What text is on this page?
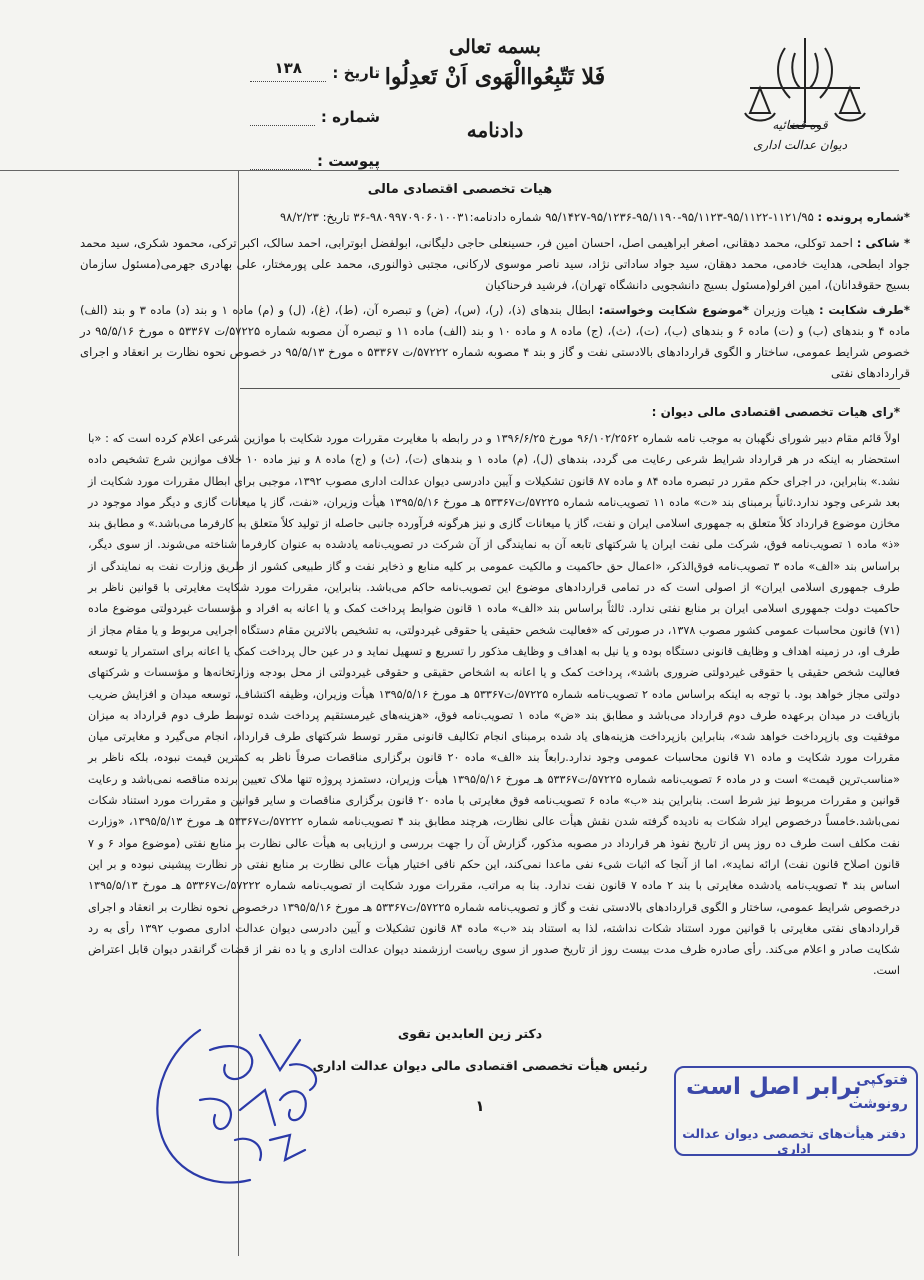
تاریخ :
۱۳۸
شماره :
پیوست :
بسمه تعالی
فَلا تَتّبِعُواالْهَوی اَنْ تَعدِلُوا
دادنامه	قوه قضائیه
دیوان عدالت اداری
هیات تخصصی اقتصادی مالی
*شماره پرونده : ۱۱۲۱/۹۵-۹۵/۱۱۲۲-۹۵/۱۱۲۳-۹۵/۱۱۹۰-۹۵/۱۲۳۶-۹۵/۱۴۲۷ شماره دادنامه:۹۸۰۹۹۷۰۹۰۶۰۱۰۰۳۱-۳۶ تاریخ: ۹۸/۲/۲۳
* شاکی : احمد توکلی، محمد دهقانی، اصغر ابراهیمی اصل، احسان امین فر، حسینعلی حاجی دلیگانی، ابولفضل ابوترابی، احمد سالک، اکبر ترکی، محمود شکری، سید محمد جواد ابطحی، هدایت خادمی، محمد دهقان، سید جواد ساداتی نژاد، سید ناصر موسوی لارکانی، مجتبی ذوالنوری، محمد علی پورمختار، علی بهادری جهرمی(مسئول سازمان بسیج حقوقدانان)، امین افرلو(مسئول بسیج دانشجویی دانشگاه تهران)، فرشید فرحناکیان
*طرف شکایت : هیات وزیران *موضوع شکایت وخواسته: ابطال بندهای (ذ)، (ر)، (س)، (ض) و تبصره آن، (ط)، (غ)، (ل) و (م) ماده ۱ و بند (د) ماده ۳ و بند (الف) ماده ۴ و بندهای (ب) و (ت) ماده ۶ و بندهای (ب)، (ت)، (ث)، (ج) ماده ۸ و ماده ۱۰ و بند (الف) ماده ۱۱ و تبصره آن مصوبه شماره ۵۷۲۲۵/ت ۵۳۳۶۷ ه مورخ ۹۵/۵/۱۶ در خصوص شرایط عمومی، ساختار و الگوی قراردادهای بالادستی نفت و گاز و بند ۴ مصوبه شماره ۵۷۲۲۲/ت ۵۳۳۶۷ ه مورخ ۹۵/۵/۱۳ در خصوص نحوه نظارت بر انعقاد و اجرای قراردادهای نفتی
*رای هیات تخصصی اقتصادی مالی دیوان :
اولاً قائم مقام دبیر شورای نگهبان به موجب نامه شماره ۹۶/۱۰۲/۲۵۶۲ مورخ ۱۳۹۶/۶/۲۵ و در رابطه با مغایرت مقررات مورد شکایت با موازین شرعی اعلام کرده است که : «با استحضار به اینکه در هر قرارداد شرایط شرعی رعایت می گردد، بندهای (ل)، (م) ماده ۱ و بندهای (ت)، (ث) و (ج) ماده ۸ و نیز ماده ۱۰ خلاف موازین شرع تشخیص داده نشد.» بنابراین، در اجرای حکم مقرر در تبصره ماده ۸۴ و ماده ۸۷ قانون تشکیلات و آیین دادرسی دیوان عدالت اداری مصوب ۱۳۹۲، موجبی برای ابطال مقررات مورد شکایت از بعد شرعی وجود ندارد.ثانیاً برمبنای بند «ت» ماده ۱۱ تصویب‌نامه شماره ۵۷۲۲۵/ت۵۳۳۶۷ هـ مورخ ۱۳۹۵/۵/۱۶ هیأت وزیران، «نفت، گاز یا میعانات گازی و دیگر مواد موجود در مخازن موضوع قرارداد کلاً متعلق به جمهوری اسلامی ایران و نفت، گاز یا میعانات گازی و نیز هرگونه فرآورده جانبی حاصله از تولید کلاً متعلق به کارفرما می‌باشد.» و مطابق بند «ذ» ماده ۱ تصویب‌نامه فوق، شرکت ملی نفت ایران یا شرکتهای تابعه آن به نمایندگی از آن شرکت در تصویب‌نامه یادشده به عنوان کارفرما شناخته می‌شوند. از سوی دیگر، براساس بند «الف» ماده ۳ تصویب‌نامه فوق‌الذکر، «اعمال حق حاکمیت و مالکیت عمومی بر کلیه منابع و ذخایر نفت و گاز طبیعی کشور از طریق وزارت نفت به نمایندگی از طرف جمهوری اسلامی ایران» از اصولی است که در تمامی قراردادهای موضوع این تصویب‌نامه حاکم می‌باشد. بنابراین، مقررات مورد شکایت مغایرتی با قوانین ناظر بر حاکمیت دولت جمهوری اسلامی ایران بر منابع نفتی ندارد. ثالثاً براساس بند «الف» ماده ۱ قانون ضوابط پرداخت کمک و یا اعانه به افراد و مؤسسات غیردولتی موضوع ماده (۷۱) قانون محاسبات عمومی کشور مصوب ۱۳۷۸، در صورتی که «فعالیت شخص حقیقی یا حقوقی غیردولتی، به تشخیص بالاترین مقام دستگاه اجرایی مربوط و یا مقام مجاز از طرف او، در زمینه اهداف و وظایف قانونی دستگاه بوده و یا نیل به اهداف و وظایف مذکور را تسریع و تسهیل نماید و در عین حال پرداخت کمک یا اعانه برای استمرار یا توسعه فعالیت شخص حقیقی یا حقوقی غیردولتی ضروری باشد»، پرداخت کمک و یا اعانه به اشخاص حقیقی و حقوقی غیردولتی از محل بودجه وزارتخانه‌ها و مؤسسات و شرکتهای دولتی مجاز خواهد بود. با توجه به اینکه براساس ماده ۲ تصویب‌نامه شماره ۵۷۲۲۵/ت۵۳۳۶۷ هـ مورخ ۱۳۹۵/۵/۱۶ هیأت وزیران، وظیفه اکتشاف، توسعه میدان و افزایش ضریب بازیافت در میدان برعهده طرف دوم قرارداد می‌باشد و مطابق بند «ض» ماده ۱ تصویب‌نامه فوق، «هزینه‌های غیرمستقیم پرداخت شده توسط طرف دوم قرارداد به میزان موفقیت وی بازپرداخت خواهد شد»، بنابراین بازپرداخت هزینه‌های یاد شده برمبنای انجام تکالیف قانونی مقرر توسط شرکتهای طرف قرارداد، انجام می‌گیرد و مغایرتی میان مقررات مورد شکایت و ماده ۷۱ قانون محاسبات عمومی وجود ندارد.رابعاً بند «الف» ماده ۲۰ قانون برگزاری مناقصات صرفاً ناظر به کمترین قیمت نبوده، بلکه ناظر بر «مناسب‌ترین قیمت» است و در ماده ۶ تصویب‌نامه شماره ۵۷۲۲۵/ت۵۳۳۶۷ هـ مورخ ۱۳۹۵/۵/۱۶ هیأت وزیران، دستمزد پروژه تنها ملاک تعیین برنده مناقصه نمی‌باشد و رعایت قوانین و مقررات مربوط نیز شرط است. بنابراین بند «ب» ماده ۶ تصویب‌نامه فوق مغایرتی با ماده ۲۰ قانون برگزاری مناقصات و سایر قوانین و مقررات مورد استناد شکات نمی‌باشد.خامساً درخصوص ایراد شکات به نادیده گرفته شدن نقش هیأت عالی نظارت، هرچند مطابق بند ۴ تصویب‌نامه شماره ۵۷۲۲۲/ت۵۳۳۶۷ هـ مورخ ۱۳۹۵/۵/۱۳، «وزارت نفت مکلف است طرف ده روز پس از تاریخ نفوذ هر قرارداد در مصوبه مذکور، گزارش آن را جهت بررسی و ارزیابی به هیأت عالی نظارت بر منابع نفتی (موضوع مواد ۶ و ۷ قانون اصلاح قانون نفت) ارائه نماید»، اما از آنجا که اثبات شیء نفی ماعدا نمی‌کند، این حکم نافی اختیار هیأت عالی نظارت بر منابع نفتی در نظارت پیشینی نبوده و بر این اساس بند ۴ تصویب‌نامه یادشده مغایرتی با بند ۲ ماده ۷ قانون نفت ندارد. بنا به مراتب، مقررات مورد شکایت از تصویب‌نامه شماره ۵۷۲۲۲/ت۵۳۳۶۷ هـ مورخ ۱۳۹۵/۵/۱۳ درخصوص شرایط عمومی، ساختار و الگوی قراردادهای بالادستی نفت و گاز و تصویب‌نامه شماره ۵۷۲۲۵/ت۵۳۳۶۷ هـ مورخ ۱۳۹۵/۵/۱۶ درخصوص نحوه نظارت بر انعقاد و اجرای قراردادهای نفتی مغایرتی با قوانین مورد استناد شکات نداشته، لذا به استناد بند «ب» ماده ۸۴ قانون تشکیلات و آیین دادرسی دیوان عدالت اداری مصوب ۱۳۹۲ رأی به رد شکایت صادر و اعلام می‌کند. رأی صادره ظرف مدت بیست روز از تاریخ صدور از سوی ریاست ارزشمند دیوان عدالت اداری و یا ده نفر از قضات گرانقدر دیوان قابل اعتراض است.
دکتر زین العابدین تقوی
رئیس هیأت تخصصی اقتصادی مالی دیوان عدالت اداری
۱
فتوکپی
برابر اصل است
رونوشت
دفتر هیأت‌های تخصصی دیوان عدالت اداری
